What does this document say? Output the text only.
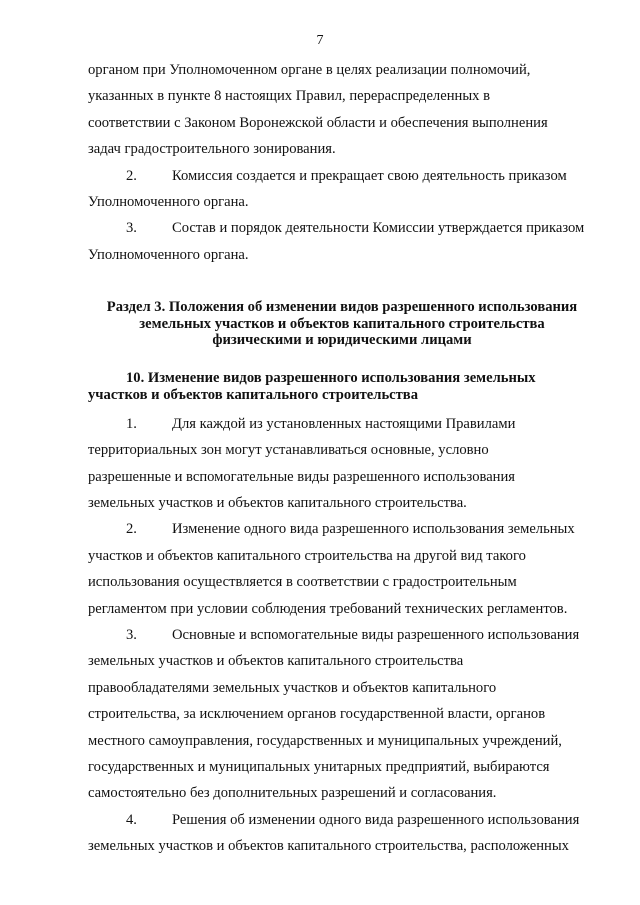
7
органом при Уполномоченном органе в целях реализации полномочий,
указанных в пункте 8 настоящих Правил, перераспределенных в
соответствии с Законом Воронежской области и обеспечения выполнения
задач градостроительного зонирования.
2. Комиссия создается и прекращает свою деятельность приказом
Уполномоченного органа.
3. Состав и порядок деятельности Комиссии утверждается приказом
Уполномоченного органа.
Раздел 3. Положения об изменении видов разрешенного использования
земельных участков и объектов капитального строительства
физическими и юридическими лицами
10. Изменение видов разрешенного использования земельных
участков и объектов капитального строительства
1. Для каждой из установленных настоящими Правилами
территориальных зон могут устанавливаться основные, условно
разрешенные и вспомогательные виды разрешенного использования
земельных участков и объектов капитального строительства.
2. Изменение одного вида разрешенного использования земельных
участков и объектов капитального строительства на другой вид такого
использования осуществляется в соответствии с градостроительным
регламентом при условии соблюдения требований технических регламентов.
3. Основные и вспомогательные виды разрешенного использования
земельных участков и объектов капитального строительства
правообладателями земельных участков и объектов капитального
строительства, за исключением органов государственной власти, органов
местного самоуправления, государственных и муниципальных учреждений,
государственных и муниципальных унитарных предприятий, выбираются
самостоятельно без дополнительных разрешений и согласования.
4. Решения об изменении одного вида разрешенного использования
земельных участков и объектов капитального строительства, расположенных
